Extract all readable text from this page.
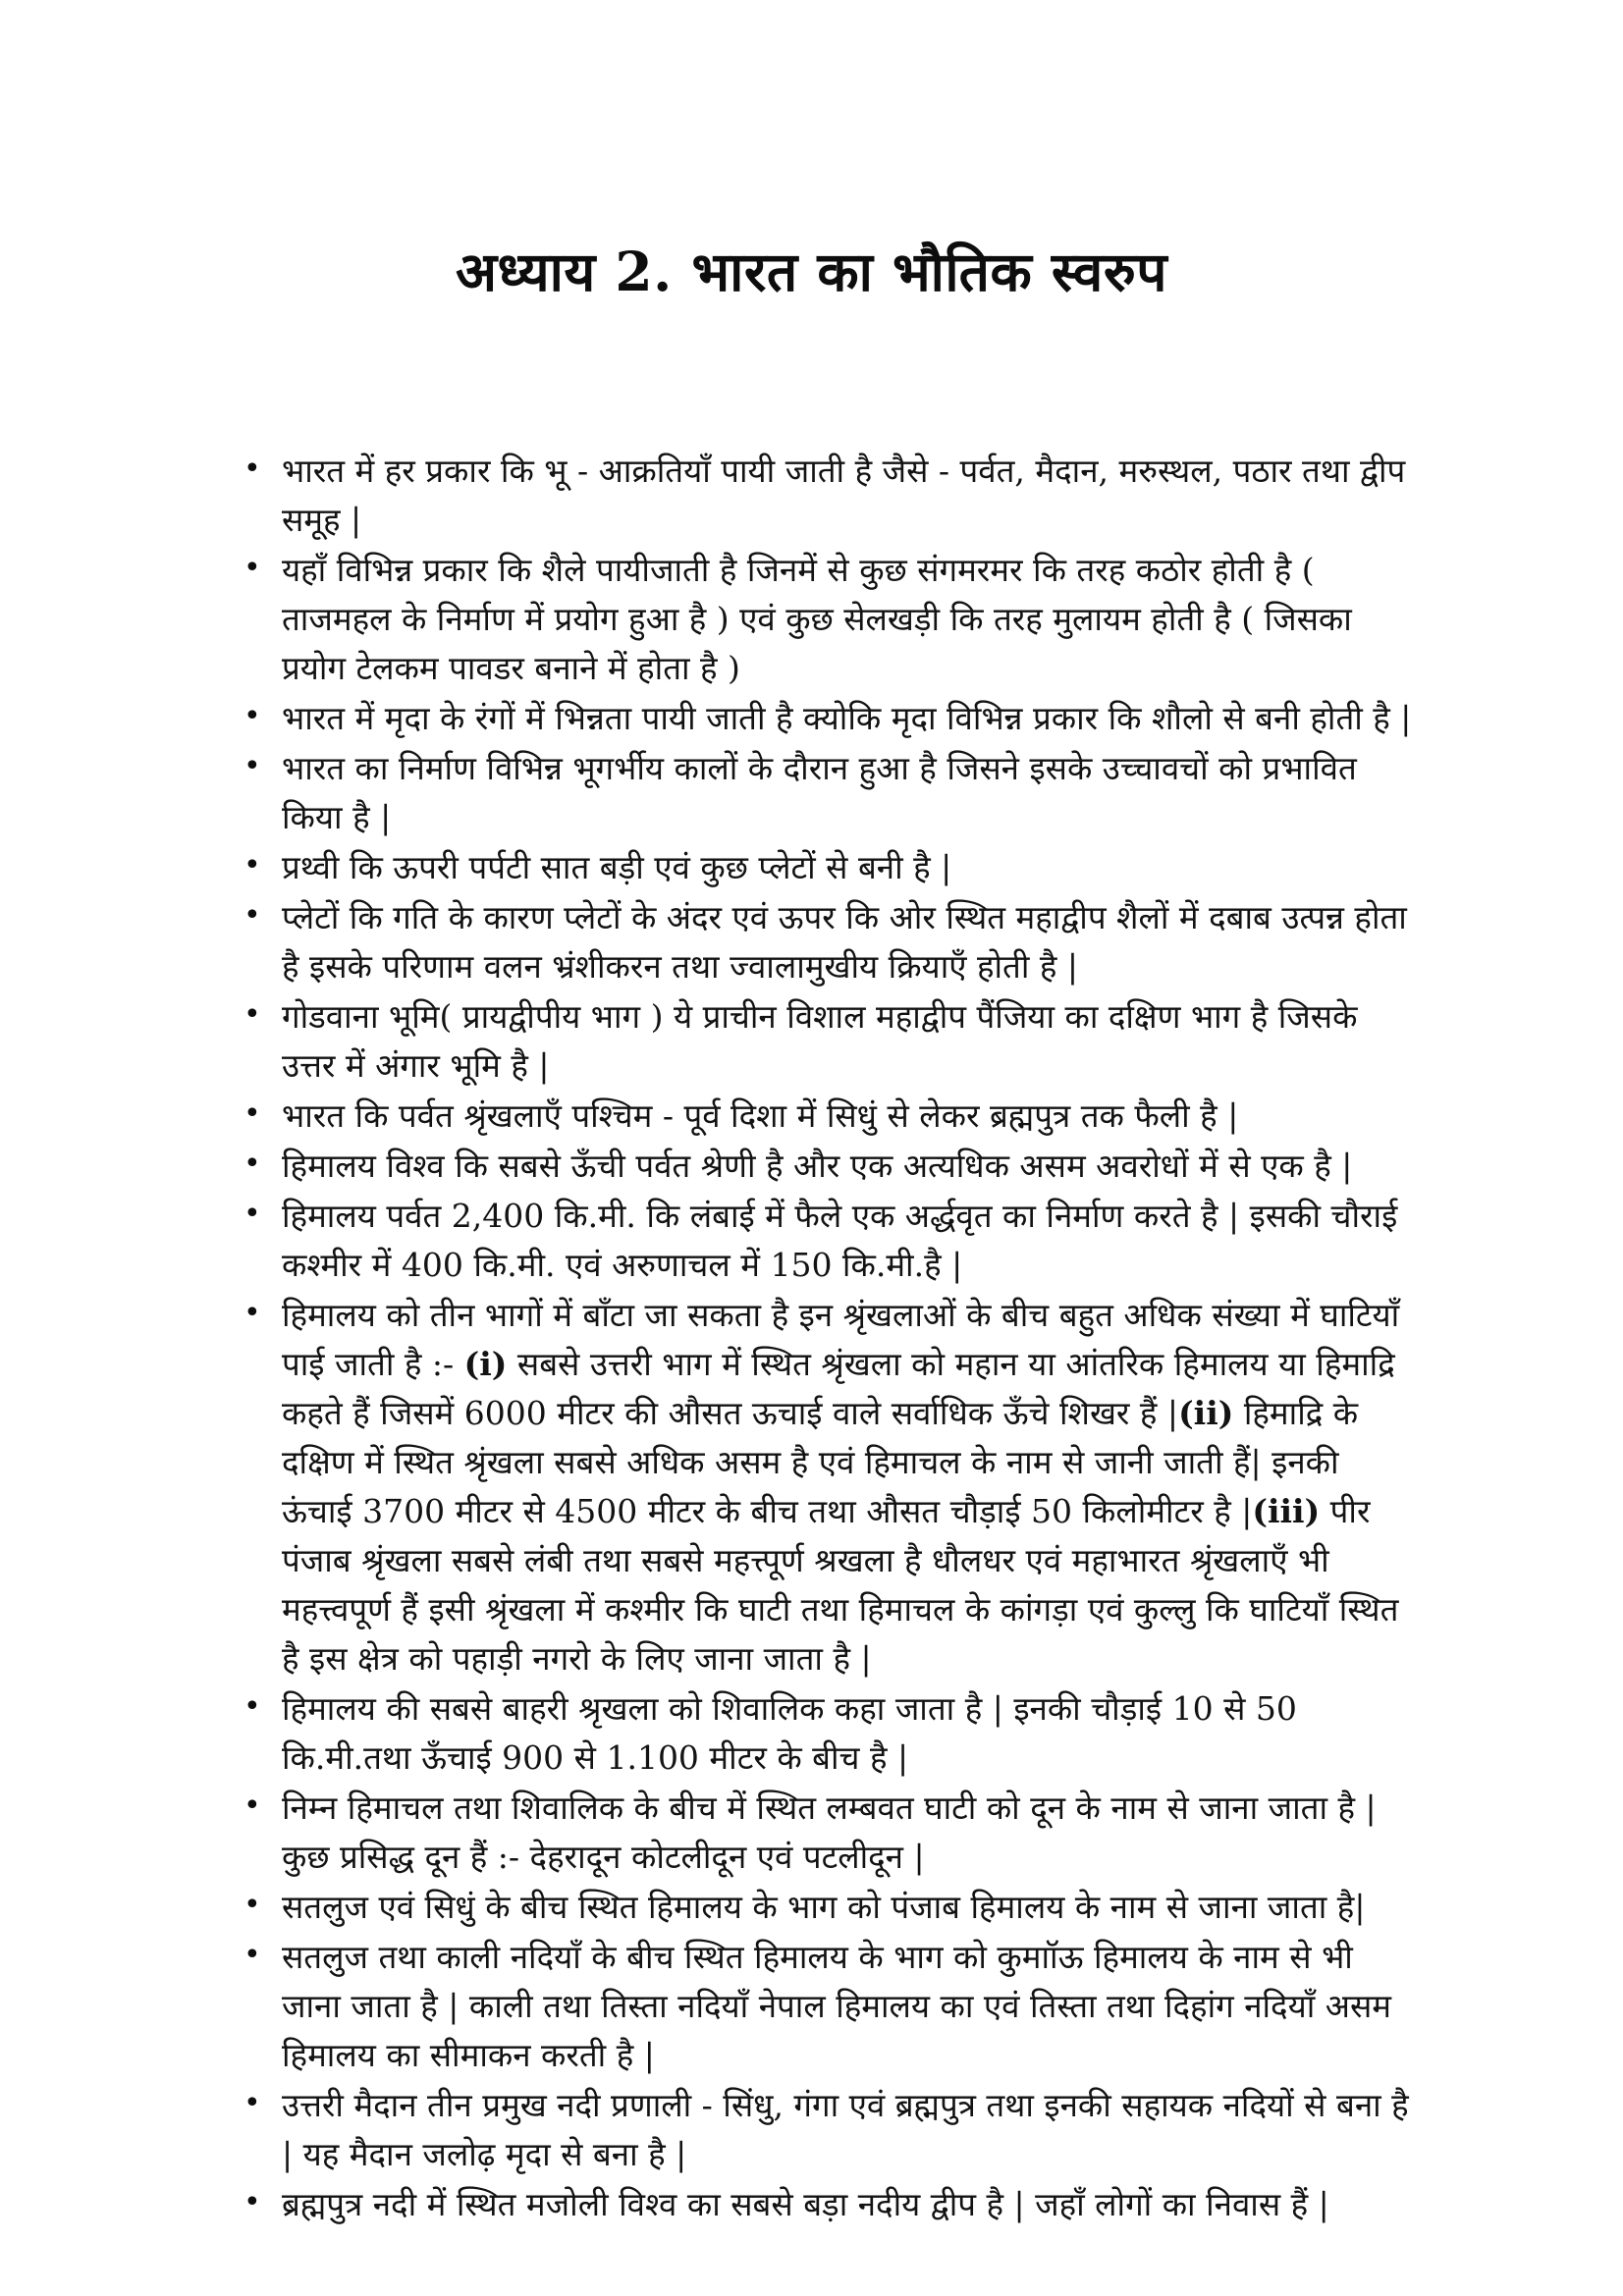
अध्याय 2. भारत का भौतिक स्वरुप
• भारत में हर प्रकार कि भू - आक्रतियाँ पायी जाती है जैसे - पर्वत, मैदान, मरुस्थल, पठार तथा द्वीप समूह |
• यहाँ विभिन्न प्रकार कि शैले पायीजाती है जिनमें से कुछ संगमरमर कि तरह कठोर होती है ( ताजमहल के निर्माण में प्रयोग हुआ है ) एवं कुछ सेलखड़ी कि तरह मुलायम होती है ( जिसका प्रयोग टेलकम पावडर बनाने में होता है )
• भारत में मृदा के रंगों में भिन्नता पायी जाती है क्योकि मृदा विभिन्न प्रकार कि शौलो से बनी होती है |
• भारत का निर्माण विभिन्न भूगर्भीय कालों के दौरान हुआ है जिसने इसके उच्चावचों को प्रभावित किया है |
• प्रथ्वी कि ऊपरी पर्पटी सात बड़ी एवं कुछ प्लेटों से बनी है |
• प्लेटों कि गति के कारण प्लेटों के अंदर एवं ऊपर कि ओर स्थित महाद्वीप शैलों में दबाब उत्पन्न होता है इसके परिणाम वलन भ्रंशीकरन तथा ज्वालामुखीय क्रियाएँ होती है |
• गोडवाना भूमि( प्रायद्वीपीय भाग ) ये प्राचीन विशाल महाद्वीप पैंजिया का दक्षिण भाग है जिसके उत्तर में अंगार भूमि है |
• भारत कि पर्वत श्रृंखलाएँ पश्चिम - पूर्व दिशा में सिधुं से लेकर ब्रह्मपुत्र तक फैली है |
• हिमालय विश्व कि सबसे ऊँची पर्वत श्रेणी है और एक अत्यधिक असम अवरोधों में से एक है |
• हिमालय पर्वत 2,400 कि.मी. कि लंबाई में फैले एक अर्द्धवृत का निर्माण करते है | इसकी चौराई कश्मीर में 400 कि.मी. एवं अरुणाचल में 150 कि.मी.है |
• हिमालय को तीन भागों में बाँटा जा सकता है इन श्रृंखलाओं के बीच बहुत अधिक संख्या में घाटियाँ पाई जाती है :- (i) सबसे उत्तरी भाग में स्थित श्रृंखला को महान या आंतरिक हिमालय या हिमाद्रि कहते हैं जिसमें 6000 मीटर की औसत ऊचाई वाले सर्वाधिक ऊँचे शिखर हैं |(ii) हिमाद्रि के दक्षिण में स्थित श्रृंखला सबसे अधिक असम है एवं हिमाचल के नाम से जानी जाती हैं| इनकी ऊंचाई 3700 मीटर से 4500 मीटर के बीच तथा औसत चौड़ाई 50 किलोमीटर है |(iii) पीर पंजाब श्रृंखला सबसे लंबी तथा सबसे महत्त्पूर्ण श्रखला है धौलधर एवं महाभारत श्रृंखलाएँ भी महत्त्वपूर्ण हैं इसी श्रृंखला में कश्मीर कि घाटी तथा हिमाचल के कांगड़ा एवं कुल्लु कि घाटियाँ स्थित है इस क्षेत्र को पहाड़ी नगरो के लिए जाना जाता है |
• हिमालय की सबसे बाहरी श्रृखला को शिवालिक कहा जाता है | इनकी चौड़ाई 10 से 50 कि.मी.तथा ऊँचाई 900 से 1.100 मीटर के बीच है |
• निम्न हिमाचल तथा शिवालिक के बीच में स्थित लम्बवत घाटी को दून के नाम से जाना जाता है | कुछ प्रसिद्ध दून हैं :- देहरादून कोटलीदून एवं पटलीदून |
• सतलुज एवं सिधुं के बीच स्थित हिमालय के भाग को पंजाब हिमालय के नाम से जाना जाता है|
• सतलुज तथा काली नदियाँ के बीच स्थित हिमालय के भाग को कुमाॉऊ हिमालय के नाम से भी जाना जाता है | काली तथा तिस्ता नदियाँ नेपाल हिमालय का एवं तिस्ता तथा दिहांग नदियाँ असम हिमालय का सीमाकन करती है |
• उत्तरी मैदान तीन प्रमुख नदी प्रणाली - सिंधु, गंगा एवं ब्रह्मपुत्र तथा इनकी सहायक नदियों से बना है | यह मैदान जलोढ़ मृदा से बना है |
• ब्रह्मपुत्र नदी में स्थित मजोली विश्व का सबसे बड़ा नदीय द्वीप है | जहाँ लोगों का निवास हैं |
